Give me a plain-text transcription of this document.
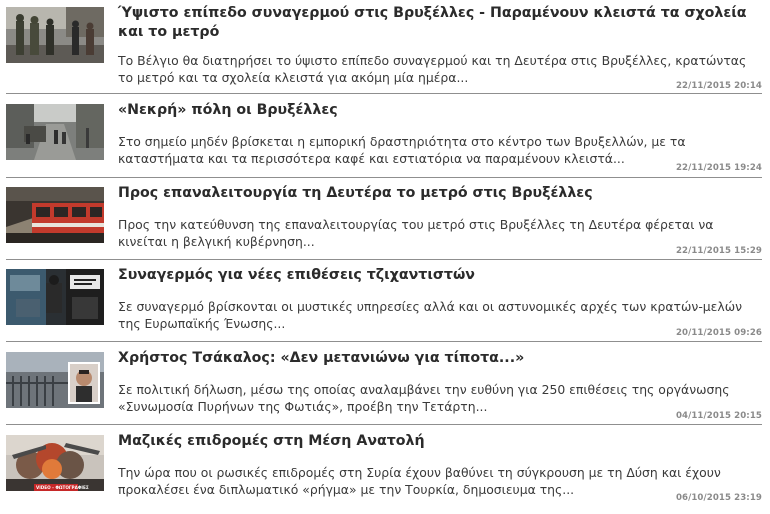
Ύψιστο επίπεδο συναγερμού στις Βρυξέλλες - Παραμένουν κλειστά τα σχολεία και το μετρό

Το Βέλγιο θα διατηρήσει το ύψιστο επίπεδο συναγερμού και τη Δευτέρα στις Βρυξέλλες, κρατώντας το μετρό και τα σχολεία κλειστά για ακόμη μία ημέρα...

22/11/2015 20:14
«Νεκρή» πόλη οι Βρυξέλλες

Στο σημείο μηδέν βρίσκεται η εμπορική δραστηριότητα στο κέντρο των Βρυξελλών, με τα καταστήματα και τα περισσότερα καφέ και εστιατόρια να παραμένουν κλειστά...

22/11/2015 19:24
Προς επαναλειτουργία τη Δευτέρα το μετρό στις Βρυξέλλες

Προς την κατεύθυνση της επαναλειτουργίας του μετρό στις Βρυξέλλες τη Δευτέρα φέρεται να κινείται η βελγική κυβέρνηση...

22/11/2015 15:29
Συναγερμός για νέες επιθέσεις τζιχαντιστών

Σε συναγερμό βρίσκονται οι μυστικές υπηρεσίες αλλά και οι αστυνομικές αρχές των κρατών-μελών της Ευρωπαϊκής Ένωσης...

20/11/2015 09:26
Χρήστος Τσάκαλος: «Δεν μετανιώνω για τίποτα...»

Σε πολιτική δήλωση, μέσω της οποίας αναλαμβάνει την ευθύνη για 250 επιθέσεις της οργάνωσης «Συνωμοσία Πυρήνων της Φωτιάς», προέβη την Τετάρτη...

04/11/2015 20:15
VIDEO - ΦΩΤΟΓΡΑΦΙΕΣ
Μαζικές επιδρομές στη Μέση Ανατολή

Την ώρα που οι ρωσικές επιδρομές στη Συρία έχουν βαθύνει τη σύγκρουση με τη Δύση και έχουν προκαλέσει ένα διπλωματικό «ρήγμα» με την Τουρκία, δημοσιευμα της...

06/10/2015 23:19
